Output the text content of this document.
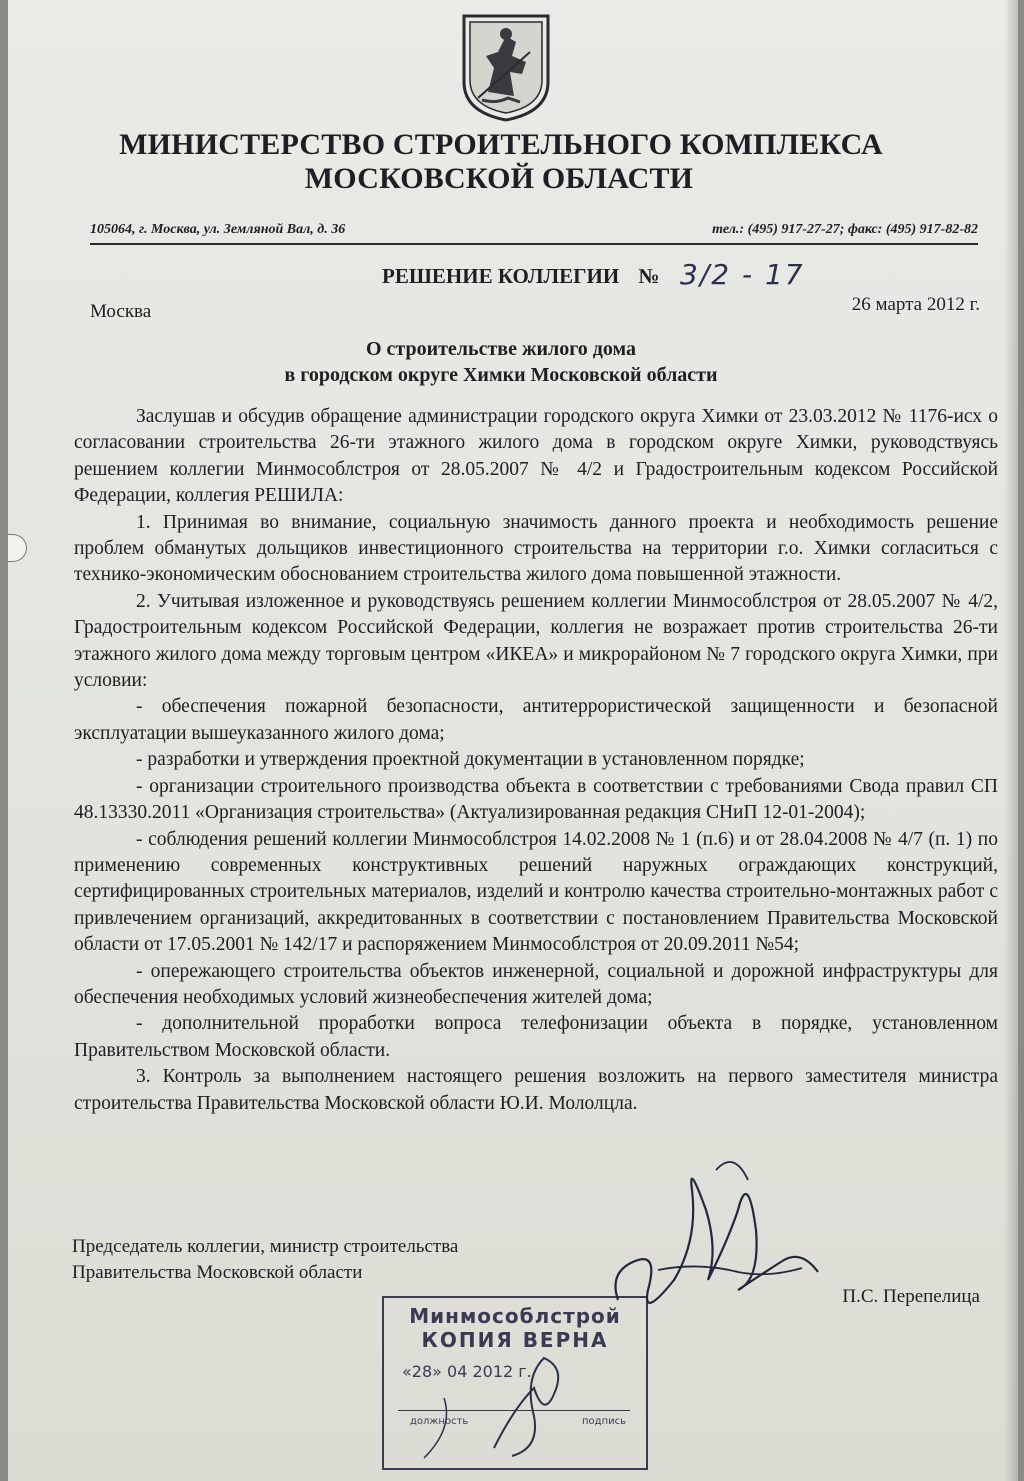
МИНИСТЕРСТВО СТРОИТЕЛЬНОГО КОМПЛЕКСА
МОСКОВСКОЙ ОБЛАСТИ
105064, г. Москва, ул. Земляной Вал, д. 36	тел.: (495) 917-27-27; факс: (495) 917-82-82
РЕШЕНИЕ КОЛЛЕГИИ № 3/2 - 17
Москва	26 марта 2012 г.
О строительстве жилого дома
в городском округе Химки Московской области

Заслушав и обсудив обращение администрации городского округа Химки от 23.03.2012 № 1176-исх о согласовании строительства 26-ти этажного жилого дома в городском округе Химки, руководствуясь решением коллегии Минмособлстроя от 28.05.2007 № 4/2 и Градостроительным кодексом Российской Федерации, коллегия РЕШИЛА:

1. Принимая во внимание, социальную значимость данного проекта и необходимость решение проблем обманутых дольщиков инвестиционного строительства на территории г.о. Химки согласиться с технико-экономическим обоснованием строительства жилого дома повышенной этажности.

2. Учитывая изложенное и руководствуясь решением коллегии Минмособлстроя от 28.05.2007 № 4/2, Градостроительным кодексом Российской Федерации, коллегия не возражает против строительства 26-ти этажного жилого дома между торговым центром «ИКЕА» и микрорайоном № 7 городского округа Химки, при условии:

- обеспечения пожарной безопасности, антитеррористической защищенности и безопасной эксплуатации вышеуказанного жилого дома;

- разработки и утверждения проектной документации в установленном порядке;

- организации строительного производства объекта в соответствии с требованиями Свода правил СП 48.13330.2011 «Организация строительства» (Актуализированная редакция СНиП 12-01-2004);

- соблюдения решений коллегии Минмособлстроя 14.02.2008 № 1 (п.6) и от 28.04.2008 № 4/7 (п. 1) по применению современных конструктивных решений наружных ограждающих конструкций, сертифицированных строительных материалов, изделий и контролю качества строительно-монтажных работ с привлечением организаций, аккредитованных в соответствии с постановлением Правительства Московской области от 17.05.2001 № 142/17 и распоряжением Минмособлстроя от 20.09.2011 №54;

- опережающего строительства объектов инженерной, социальной и дорожной инфраструктуры для обеспечения необходимых условий жизнеобеспечения жителей дома;

- дополнительной проработки вопроса телефонизации объекта в порядке, установленном Правительством Московской области.

3. Контроль за выполнением настоящего решения возложить на первого заместителя министра строительства Правительства Московской области Ю.И. Мололцла.

Председатель коллегии, министр строительства
Правительства Московской области
П.С. Перепелица
Минмособлстрой
КОПИЯ ВЕРНА
«28» 04 2012 г.
должность	подпись
